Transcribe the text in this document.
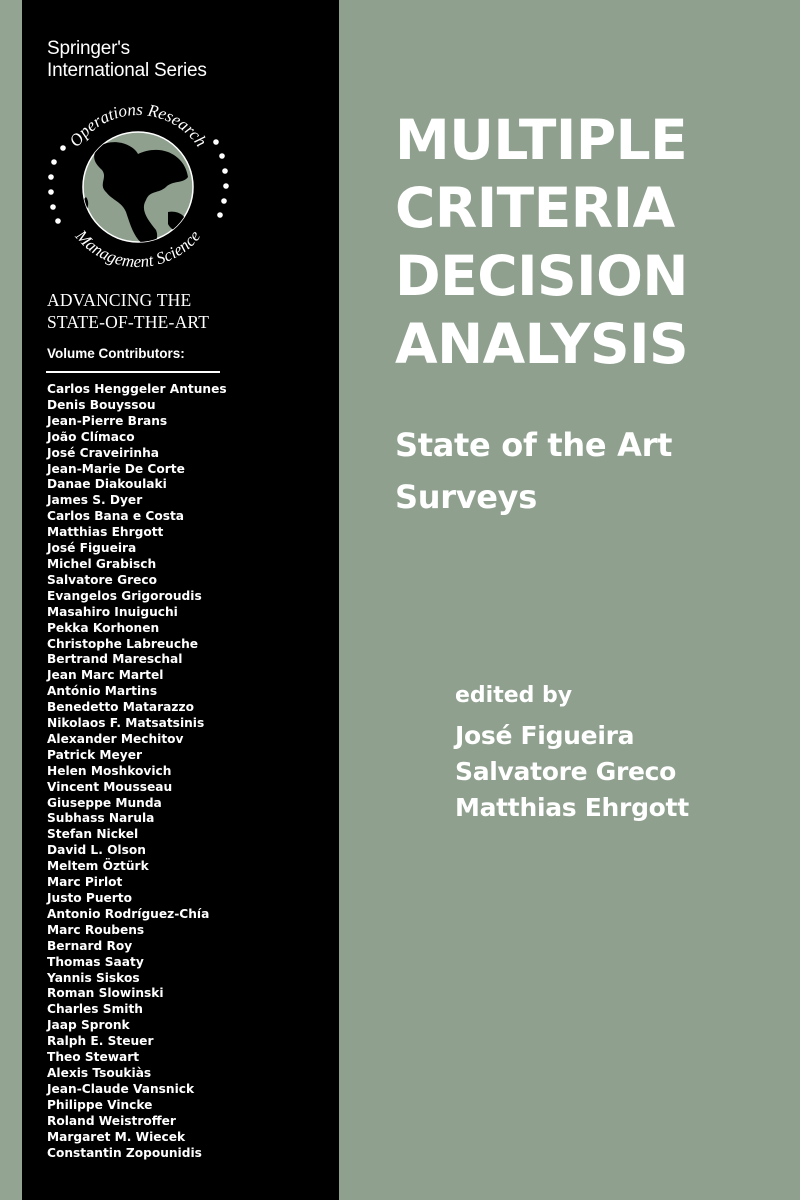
Springer's
International Series
Operations Research
Management Science
ADVANCING THE
STATE-OF-THE-ART
Volume Contributors:
Carlos Henggeler Antunes
Denis Bouyssou
Jean-Pierre Brans
João Clímaco
José Craveirinha
Jean-Marie De Corte
Danae Diakoulaki
James S. Dyer
Carlos Bana e Costa
Matthias Ehrgott
José Figueira
Michel Grabisch
Salvatore Greco
Evangelos Grigoroudis
Masahiro Inuiguchi
Pekka Korhonen
Christophe Labreuche
Bertrand Mareschal
Jean Marc Martel
António Martins
Benedetto Matarazzo
Nikolaos F. Matsatsinis
Alexander Mechitov
Patrick Meyer
Helen Moshkovich
Vincent Mousseau
Giuseppe Munda
Subhass Narula
Stefan Nickel
David L. Olson
Meltem Öztürk
Marc Pirlot
Justo Puerto
Antonio Rodríguez-Chía
Marc Roubens
Bernard Roy
Thomas Saaty
Yannis Siskos
Roman Slowinski
Charles Smith
Jaap Spronk
Ralph E. Steuer
Theo Stewart
Alexis Tsoukiàs
Jean-Claude Vansnick
Philippe Vincke
Roland Weistroffer
Margaret M. Wiecek
Constantin Zopounidis
MULTIPLE
CRITERIA
DECISION
ANALYSIS
State of the Art
Surveys
edited by
José Figueira
Salvatore Greco
Matthias Ehrgott
